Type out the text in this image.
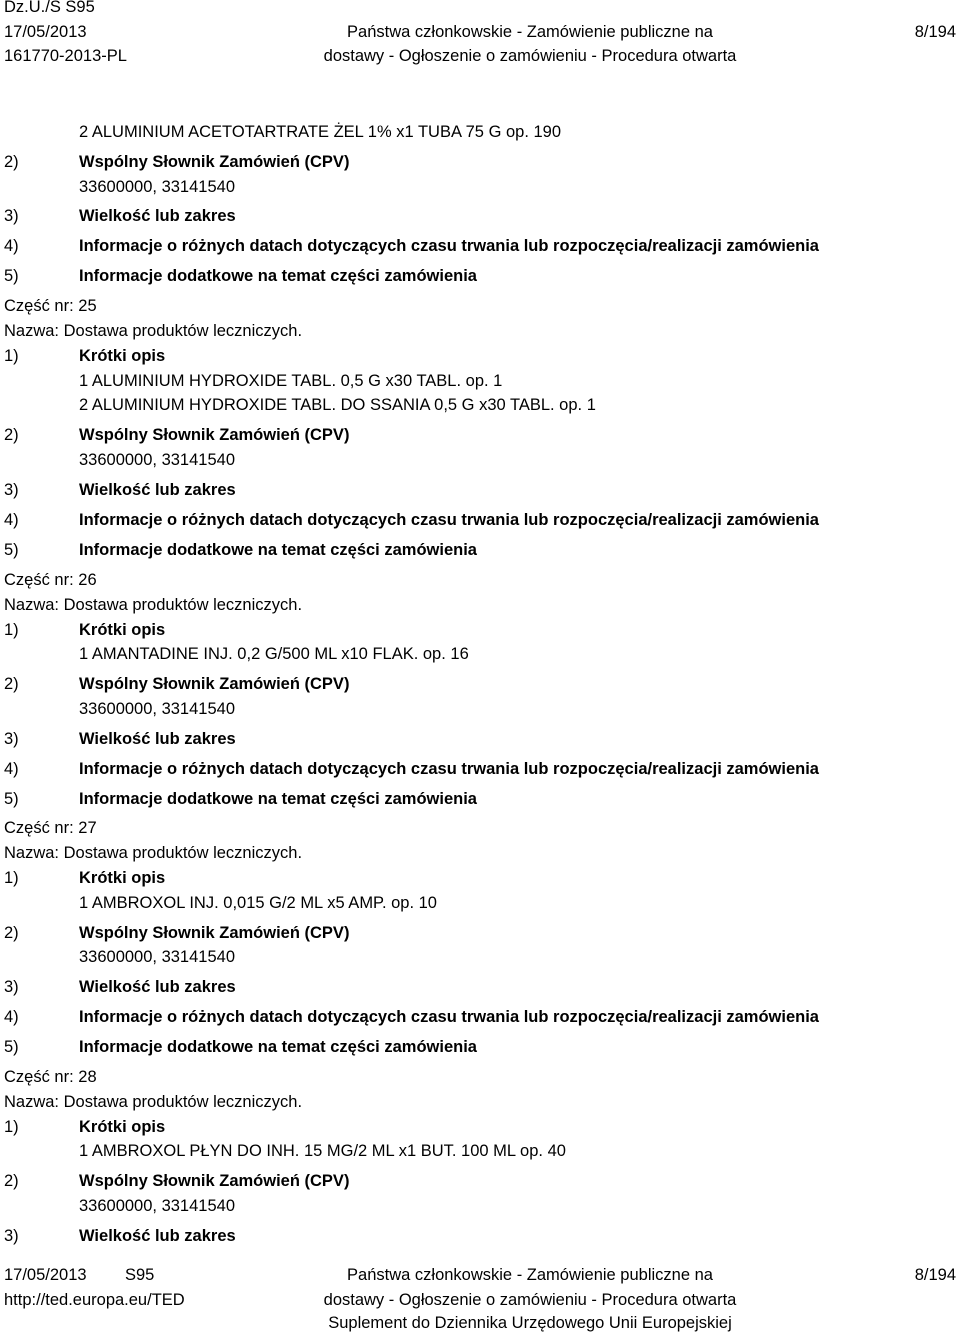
Dz.U./S S95
17/05/2013
161770-2013-PL
Państwa członkowskie - Zamówienie publiczne na
dostawy - Ogłoszenie o zamówieniu - Procedura otwarta
8/194
2 ALUMINIUM ACETOTARTRATE ŻEL 1% x1 TUBA 75 G op. 190
2)	Wspólny Słownik Zamówień (CPV)
33600000, 33141540
3)	Wielkość lub zakres
4)	Informacje o różnych datach dotyczących czasu trwania lub rozpoczęcia/realizacji zamówienia
5)	Informacje dodatkowe na temat części zamówienia
Część nr: 25
Nazwa: Dostawa produktów leczniczych.
1)	Krótki opis
1 ALUMINIUM HYDROXIDE TABL. 0,5 G x30 TABL. op. 1
2 ALUMINIUM HYDROXIDE TABL. DO SSANIA 0,5 G x30 TABL. op. 1
2)	Wspólny Słownik Zamówień (CPV)
33600000, 33141540
3)	Wielkość lub zakres
4)	Informacje o różnych datach dotyczących czasu trwania lub rozpoczęcia/realizacji zamówienia
5)	Informacje dodatkowe na temat części zamówienia
Część nr: 26
Nazwa: Dostawa produktów leczniczych.
1)	Krótki opis
1 AMANTADINE INJ. 0,2 G/500 ML x10 FLAK. op. 16
2)	Wspólny Słownik Zamówień (CPV)
33600000, 33141540
3)	Wielkość lub zakres
4)	Informacje o różnych datach dotyczących czasu trwania lub rozpoczęcia/realizacji zamówienia
5)	Informacje dodatkowe na temat części zamówienia
Część nr: 27
Nazwa: Dostawa produktów leczniczych.
1)	Krótki opis
1 AMBROXOL INJ. 0,015 G/2 ML x5 AMP. op. 10
2)	Wspólny Słownik Zamówień (CPV)
33600000, 33141540
3)	Wielkość lub zakres
4)	Informacje o różnych datach dotyczących czasu trwania lub rozpoczęcia/realizacji zamówienia
5)	Informacje dodatkowe na temat części zamówienia
Część nr: 28
Nazwa: Dostawa produktów leczniczych.
1)	Krótki opis
1 AMBROXOL PŁYN DO INH. 15 MG/2 ML x1 BUT. 100 ML op. 40
2)	Wspólny Słownik Zamówień (CPV)
33600000, 33141540
3)	Wielkość lub zakres
17/05/2013 S95
http://ted.europa.eu/TED
Państwa członkowskie - Zamówienie publiczne na
dostawy - Ogłoszenie o zamówieniu - Procedura otwarta
Suplement do Dziennika Urzędowego Unii Europejskiej
8/194
